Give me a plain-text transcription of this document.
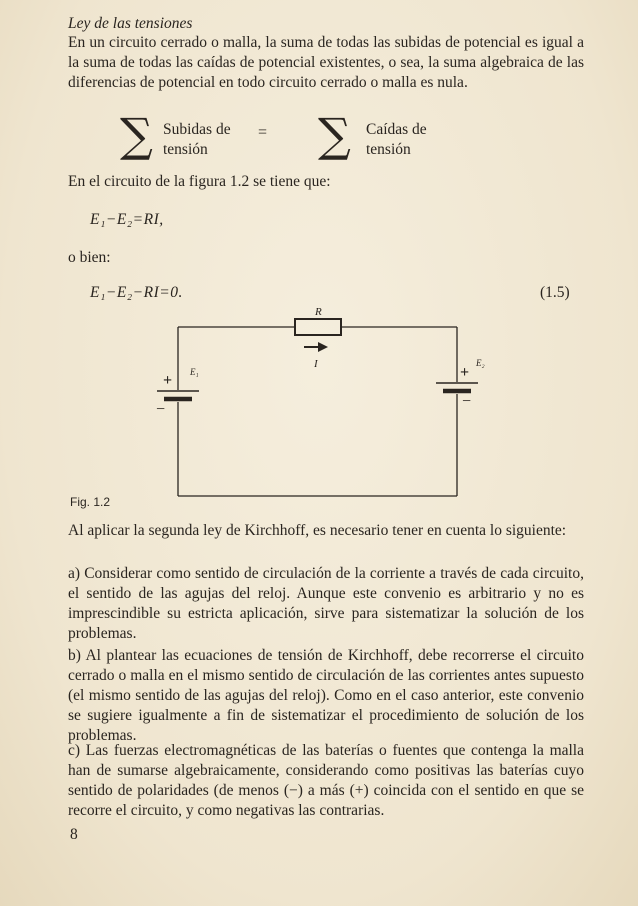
Ley de las tensiones
En un circuito cerrado o malla, la suma de todas las subidas de potencial es igual a la suma de todas las caídas de potencial existentes, o sea, la suma algebraica de las diferencias de potencial en todo circuito cerrado o malla es nula.
∑ Subidas de
tensión
= ∑ Caídas de
tensión
En el circuito de la figura 1.2 se tiene que:
E₁−E₂=RI,
o bien:
E₁−E₂−RI=0.	(1.5)
R
I
E₁
E₂
+
−
+
−
Fig. 1.2
Al aplicar la segunda ley de Kirchhoff, es necesario tener en cuenta lo siguiente:
a) Considerar como sentido de circulación de la corriente a través de cada circuito, el sentido de las agujas del reloj. Aunque este convenio es arbitrario y no es imprescindible su estricta aplicación, sirve para sistematizar la solución de los problemas.
b) Al plantear las ecuaciones de tensión de Kirchhoff, debe recorrerse el circuito cerrado o malla en el mismo sentido de circulación de las corrientes antes supuesto (el mismo sentido de las agujas del reloj). Como en el caso anterior, este convenio se sugiere igualmente a fin de sistematizar el procedimiento de solución de los problemas.
c) Las fuerzas electromagnéticas de las baterías o fuentes que contenga la malla han de sumarse algebraicamente, considerando como positivas las baterías cuyo sentido de polaridades (de menos (−) a más (+) coincida con el sentido en que se recorre el circuito, y como negativas las contrarias.
8
